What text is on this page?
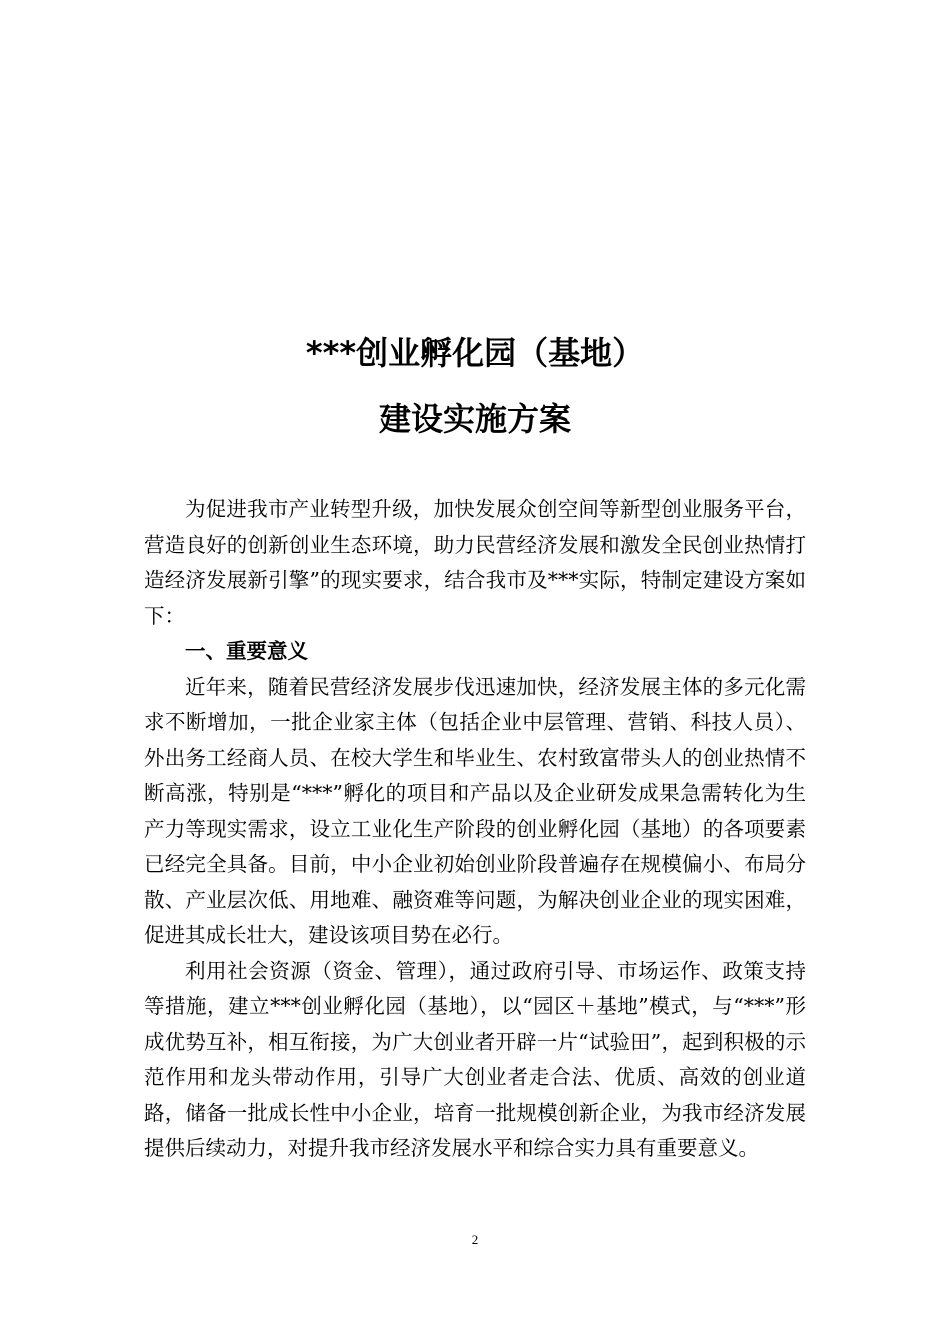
***创业孵化园（基地）
建设实施方案

为促进我市产业转型升级，加快发展众创空间等新型创业服务平台，营造良好的创新创业生态环境，助力民营经济发展和激发全民创业热情打造经济发展新引擎”的现实要求，结合我市及***实际，特制定建设方案如下：

一、重要意义

近年来，随着民营经济发展步伐迅速加快，经济发展主体的多元化需求不断增加，一批企业家主体（包括企业中层管理、营销、科技人员）、外出务工经商人员、在校大学生和毕业生、农村致富带头人的创业热情不断高涨，特别是“***”孵化的项目和产品以及企业研发成果急需转化为生产力等现实需求，设立工业化生产阶段的创业孵化园（基地）的各项要素已经完全具备。目前，中小企业初始创业阶段普遍存在规模偏小、布局分散、产业层次低、用地难、融资难等问题，为解决创业企业的现实困难，促进其成长壮大，建设该项目势在必行。

利用社会资源（资金、管理），通过政府引导、市场运作、政策支持等措施，建立***创业孵化园（基地），以“园区＋基地”模式，与“***”形成优势互补，相互衔接，为广大创业者开辟一片“试验田”，起到积极的示范作用和龙头带动作用，引导广大创业者走合法、优质、高效的创业道路，储备一批成长性中小企业，培育一批规模创新企业，为我市经济发展提供后续动力，对提升我市经济发展水平和综合实力具有重要意义。

2
